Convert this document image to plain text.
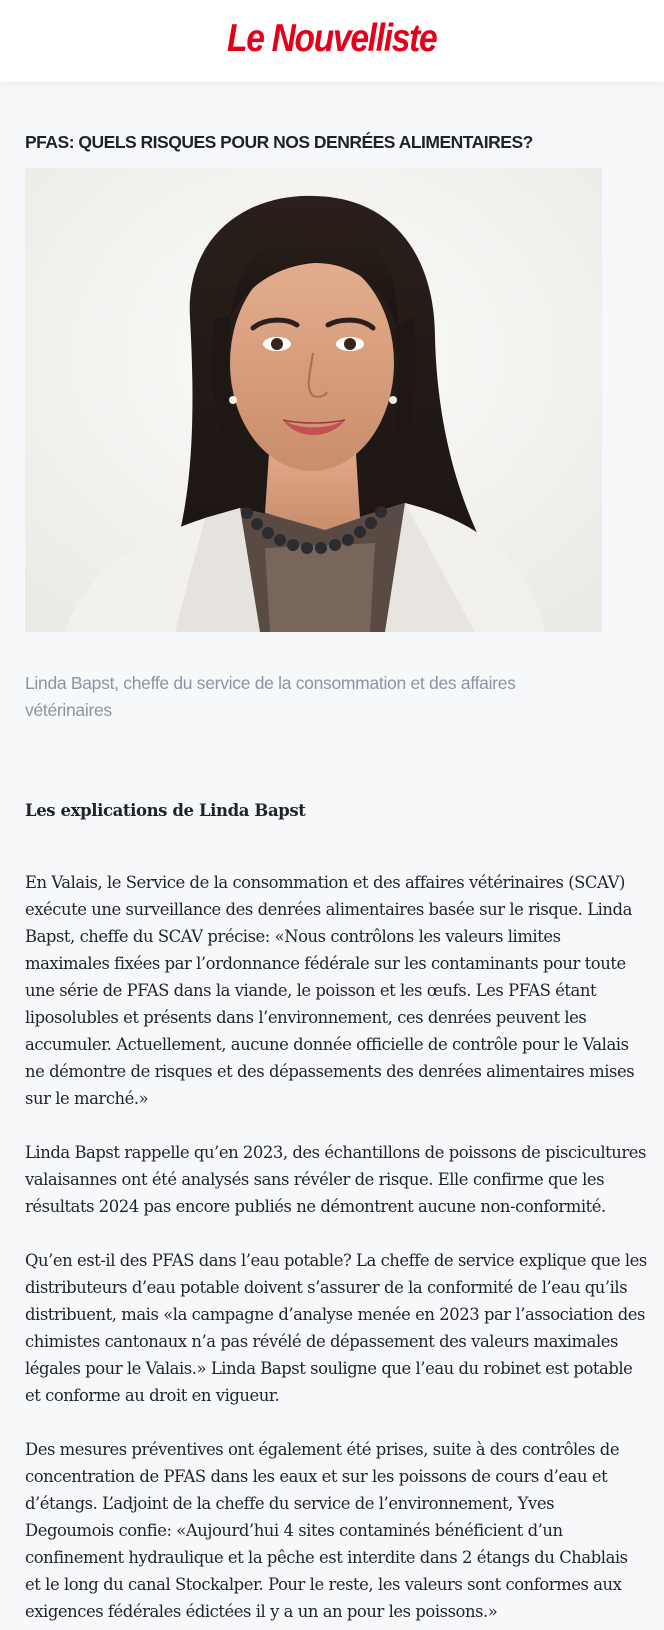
Le Nouvelliste
PFAS: QUELS RISQUES POUR NOS DENRÉES ALIMENTAIRES?

Linda Bapst, cheffe du service de la consommation et des affaires
vétérinaires

Les explications de Linda Bapst

En Valais, le Service de la consommation et des affaires vétérinaires (SCAV)
exécute une surveillance des denrées alimentaires basée sur le risque. Linda
Bapst, cheffe du SCAV précise: «Nous contrôlons les valeurs limites
maximales fixées par l’ordonnance fédérale sur les contaminants pour toute
une série de PFAS dans la viande, le poisson et les œufs. Les PFAS étant
liposolubles et présents dans l’environnement, ces denrées peuvent les
accumuler. Actuellement, aucune donnée officielle de contrôle pour le Valais
ne démontre de risques et des dépassements des denrées alimentaires mises
sur le marché.»

Linda Bapst rappelle qu’en 2023, des échantillons de poissons de piscicultures
valaisannes ont été analysés sans révéler de risque. Elle confirme que les
résultats 2024 pas encore publiés ne démontrent aucune non-conformité.

Qu’en est-il des PFAS dans l’eau potable? La cheffe de service explique que les
distributeurs d’eau potable doivent s’assurer de la conformité de l’eau qu’ils
distribuent, mais «la campagne d’analyse menée en 2023 par l’association des
chimistes cantonaux n’a pas révélé de dépassement des valeurs maximales
légales pour le Valais.» Linda Bapst souligne que l’eau du robinet est potable
et conforme au droit en vigueur.

Des mesures préventives ont également été prises, suite à des contrôles de
concentration de PFAS dans les eaux et sur les poissons de cours d’eau et
d’étangs. L’adjoint de la cheffe du service de l’environnement, Yves
Degoumois confie: «Aujourd’hui 4 sites contaminés bénéficient d’un
confinement hydraulique et la pêche est interdite dans 2 étangs du Chablais
et le long du canal Stockalper. Pour le reste, les valeurs sont conformes aux
exigences fédérales édictées il y a un an pour les poissons.»
